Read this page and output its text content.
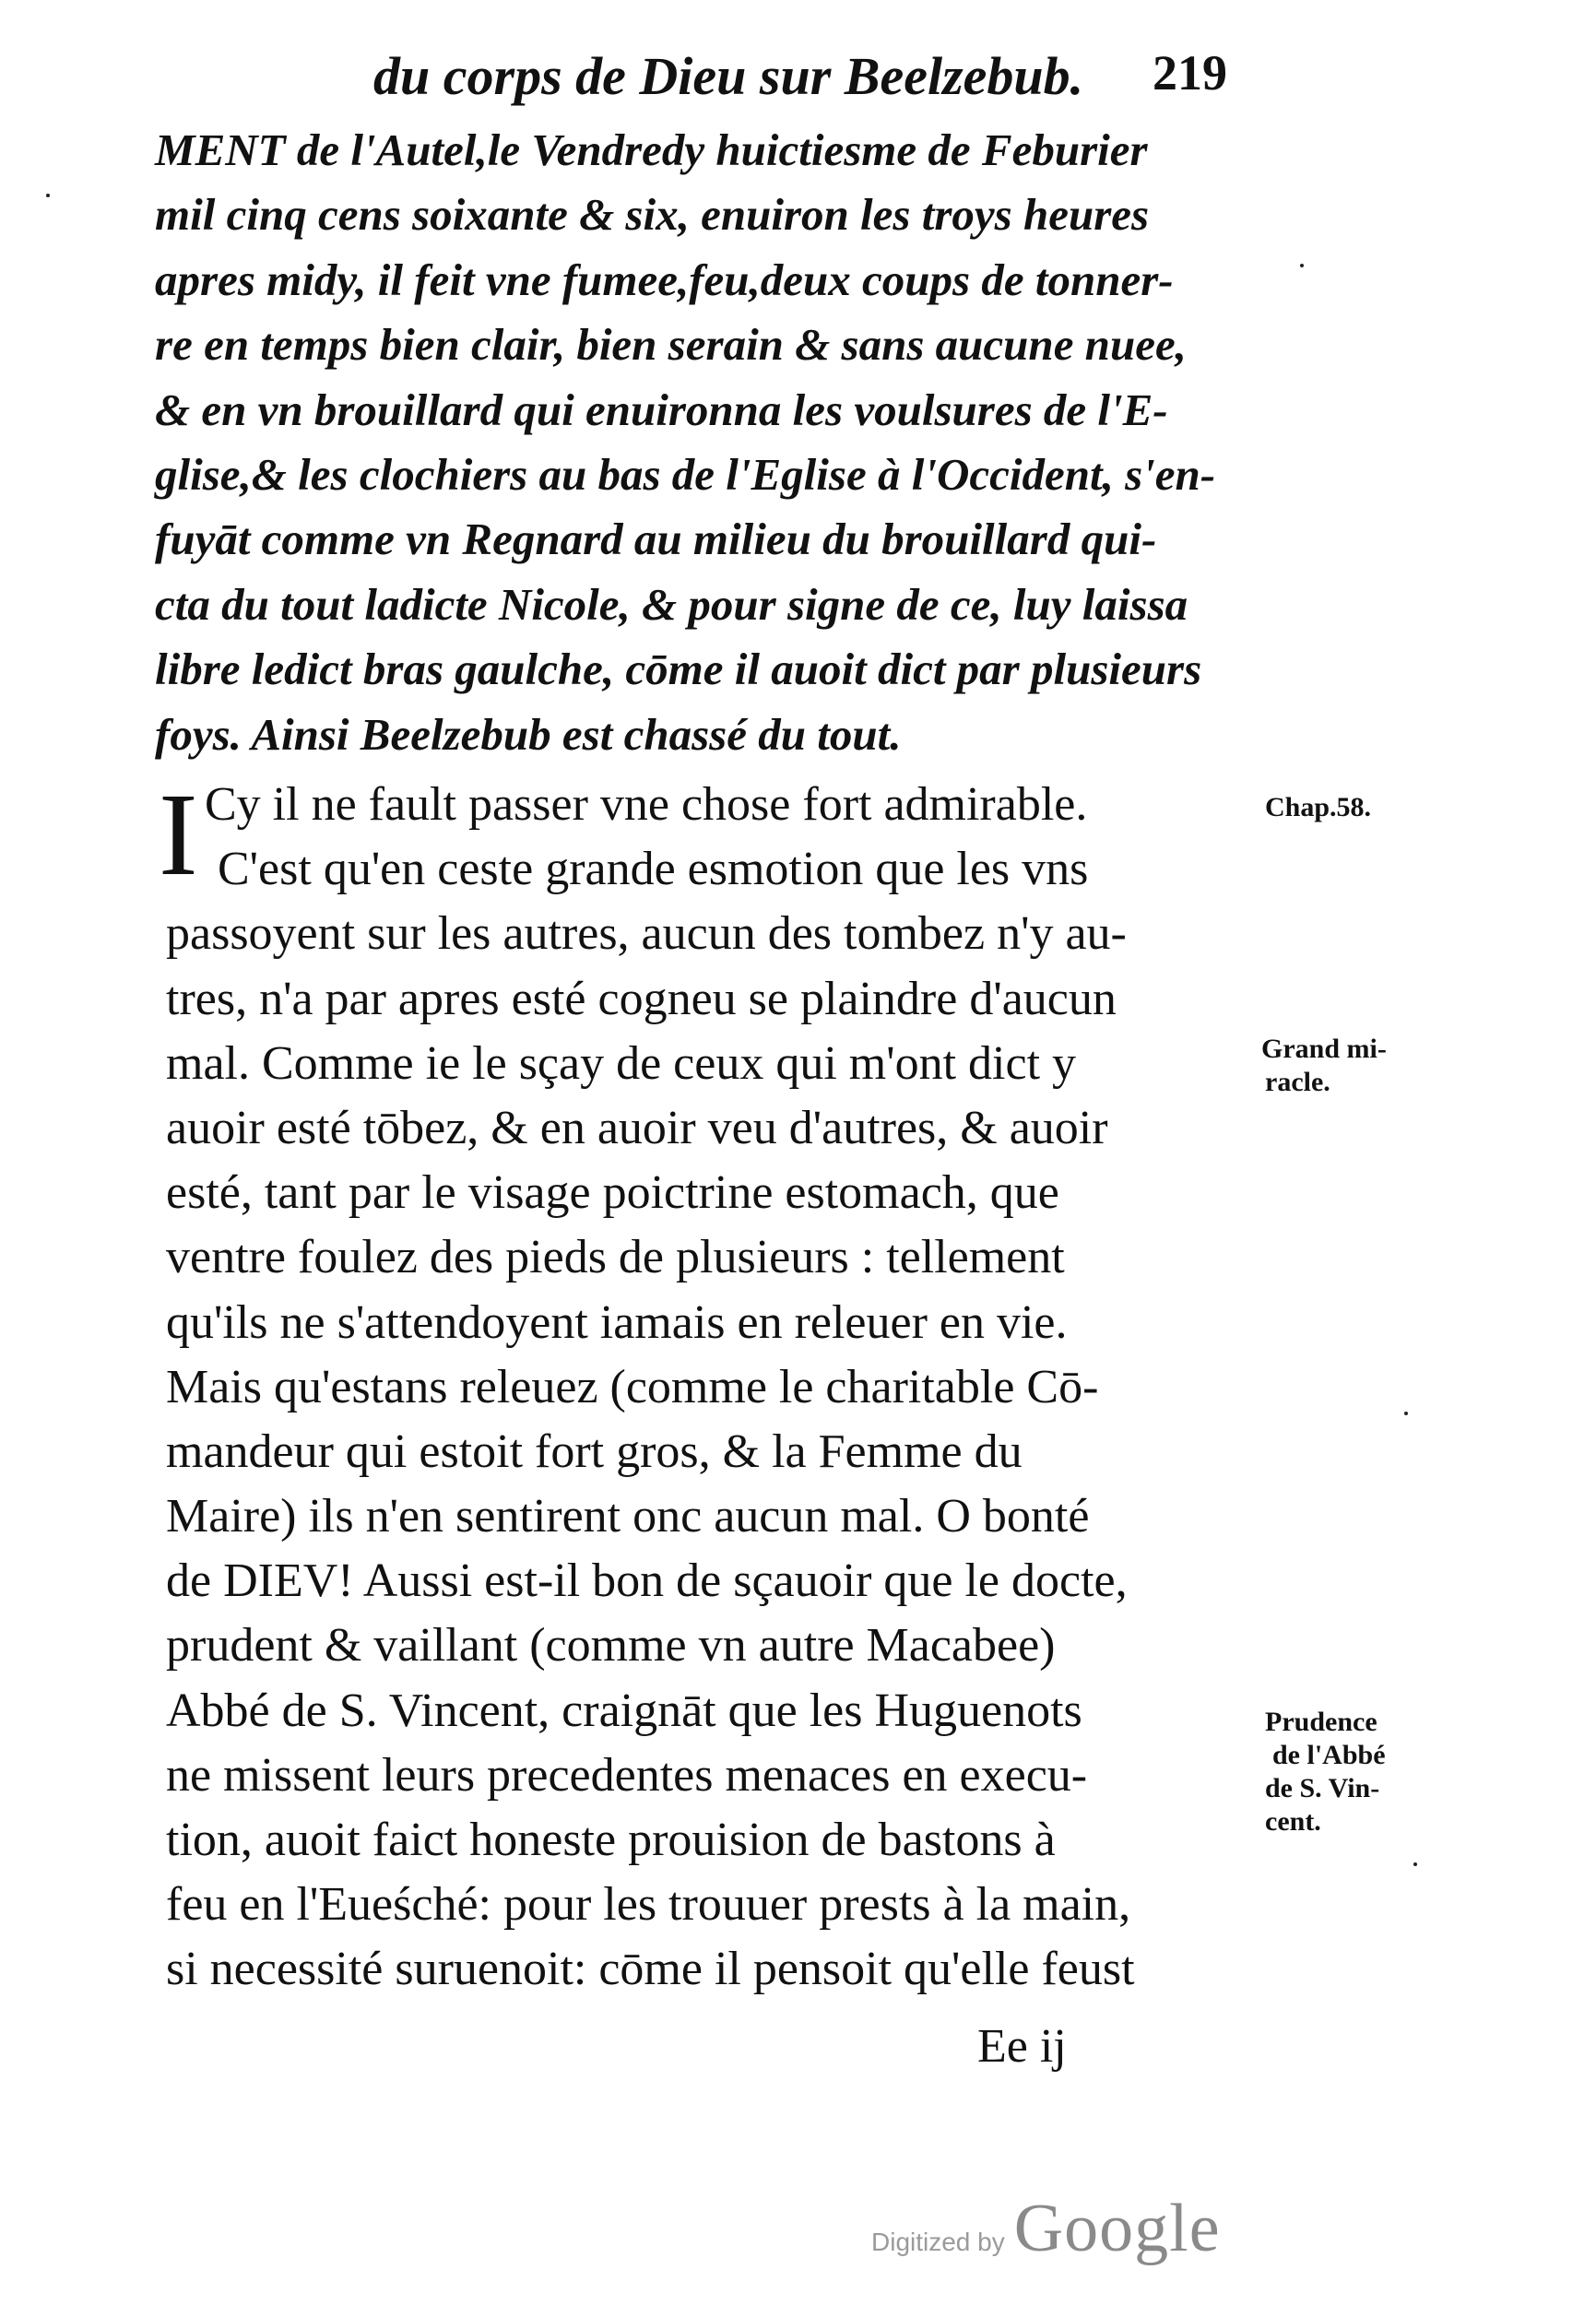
du corps de Dieu sur Beelzebub.	219
MENT de l'Autel,le Vendredy huictiesme de Feburier
mil cinq cens soixante & six, enuiron les troys heures
apres midy, il feit vne fumee,feu,deux coups de tonner-
re en temps bien clair, bien serain & sans aucune nuee,
& en vn brouillard qui enuironna les voulsures de l'E-
glise,& les clochiers au bas de l'Eglise à l'Occident, s'en-
fuyāt comme vn Regnard au milieu du brouillard qui-
cta du tout ladicte Nicole, & pour signe de ce, luy laissa
libre ledict bras gaulche, cōme il auoit dict par plusieurs
foys. Ainsi Beelzebub est chassé du tout.
I Cy il ne fault passer vne chose fort admirable.
C'est qu'en ceste grande esmotion que les vns
passoyent sur les autres, aucun des tombez n'y au-
tres, n'a par apres esté cogneu se plaindre d'aucun
mal. Comme ie le sçay de ceux qui m'ont dict y
auoir esté tōbez, & en auoir veu d'autres, & auoir
esté, tant par le visage poictrine estomach, que
ventre foulez des pieds de plusieurs : tellement
qu'ils ne s'attendoyent iamais en releuer en vie.
Mais qu'estans releuez (comme le charitable Cō-
mandeur qui estoit fort gros, & la Femme du
Maire) ils n'en sentirent onc aucun mal. O bonté
de DIEV! Aussi est-il bon de sçauoir que le docte,
prudent & vaillant (comme vn autre Macabee)
Abbé de S. Vincent, craignāt que les Huguenots
ne missent leurs precedentes menaces en execu-
tion, auoit faict honeste prouision de bastons à
feu en l'Eueśché: pour les trouuer prests à la main,
si necessité suruenoit: cōme il pensoit qu'elle feust
Chap.58.
Grand mi-
racle.
Prudence
de l'Abbé
de S. Vin-
cent.
Ee ij
Digitized by Google
